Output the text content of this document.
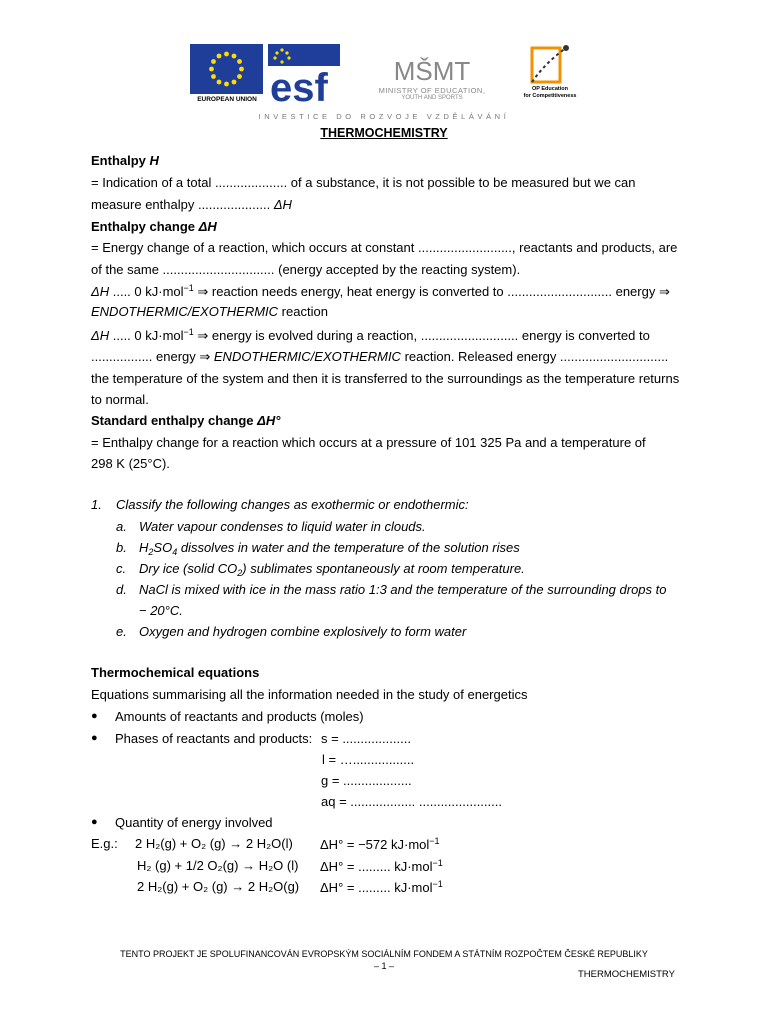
EUROPEAN UNION esf	MŠMT
MINISTRY OF EDUCATION,
YOUTH AND SPORTS
OP Education
for Competitiveness
INVESTICE DO ROZVOJE VZDĚLÁVÁNÍ
THERMOCHEMISTRY
Enthalpy H
= Indication of a total .................... of a substance, it is not possible to be measured but we can
measure enthalpy .................... ΔH
Enthalpy change ΔH
= Energy change of a reaction, which occurs at constant .........................., reactants and products, are
of the same ............................... (energy accepted by the reacting system).
ΔH ..... 0 kJ·mol$^{-1}$ ⇒ reaction needs energy, heat energy is converted to ............................. energy ⇒
ENDOTHERMIC/EXOTHERMIC reaction
ΔH ..... 0 kJ·mol$^{-1}$ ⇒ energy is evolved during a reaction, ........................... energy is converted to
................. energy ⇒ ENDOTHERMIC/EXOTHERMIC reaction. Released energy ..............................
the temperature of the system and then it is transferred to the surroundings as the temperature returns
to normal.
Standard enthalpy change ΔH°
= Enthalpy change for a reaction which occurs at a pressure of 101 325 Pa and a temperature of
298 K (25°C).
1. Classify the following changes as exothermic or endothermic:
a. Water vapour condenses to liquid water in clouds.
b. $H_2SO_4$ dissolves in water and the temperature of the solution rises
c. Dry ice (solid $CO_2$) sublimates spontaneously at room temperature.
d. NaCl is mixed with ice in the mass ratio 1:3 and the temperature of the surrounding drops to
− 20°C.
e. Oxygen and hydrogen combine explosively to form water
Thermochemical equations
Equations summarising all the information needed in the study of energetics
● Amounts of reactants and products (moles)
● Phases of reactants and products: s = ...................
l = ….................
g = ...................
aq = .................. .......................
● Quantity of energy involved
E.g.: 2 H₂(g) + O₂ (g) → 2 H₂O(l)
H₂ (g) + 1/2 O₂(g) → H₂O (l)
2 H₂(g) + O₂ (g) → 2 H₂O(g)
ΔH° = −572 kJ·mol$^{-1}$
ΔH° = ......... kJ·mol$^{-1}$
ΔH° = ......... kJ·mol$^{-1}$
TENTO PROJEKT JE SPOLUFINANCOVÁN EVROPSKÝM SOCIÁLNÍM FONDEM A STÁTNÍM ROZPOČTEM ČESKÉ REPUBLIKY
– 1 –
THERMOCHEMISTRY
